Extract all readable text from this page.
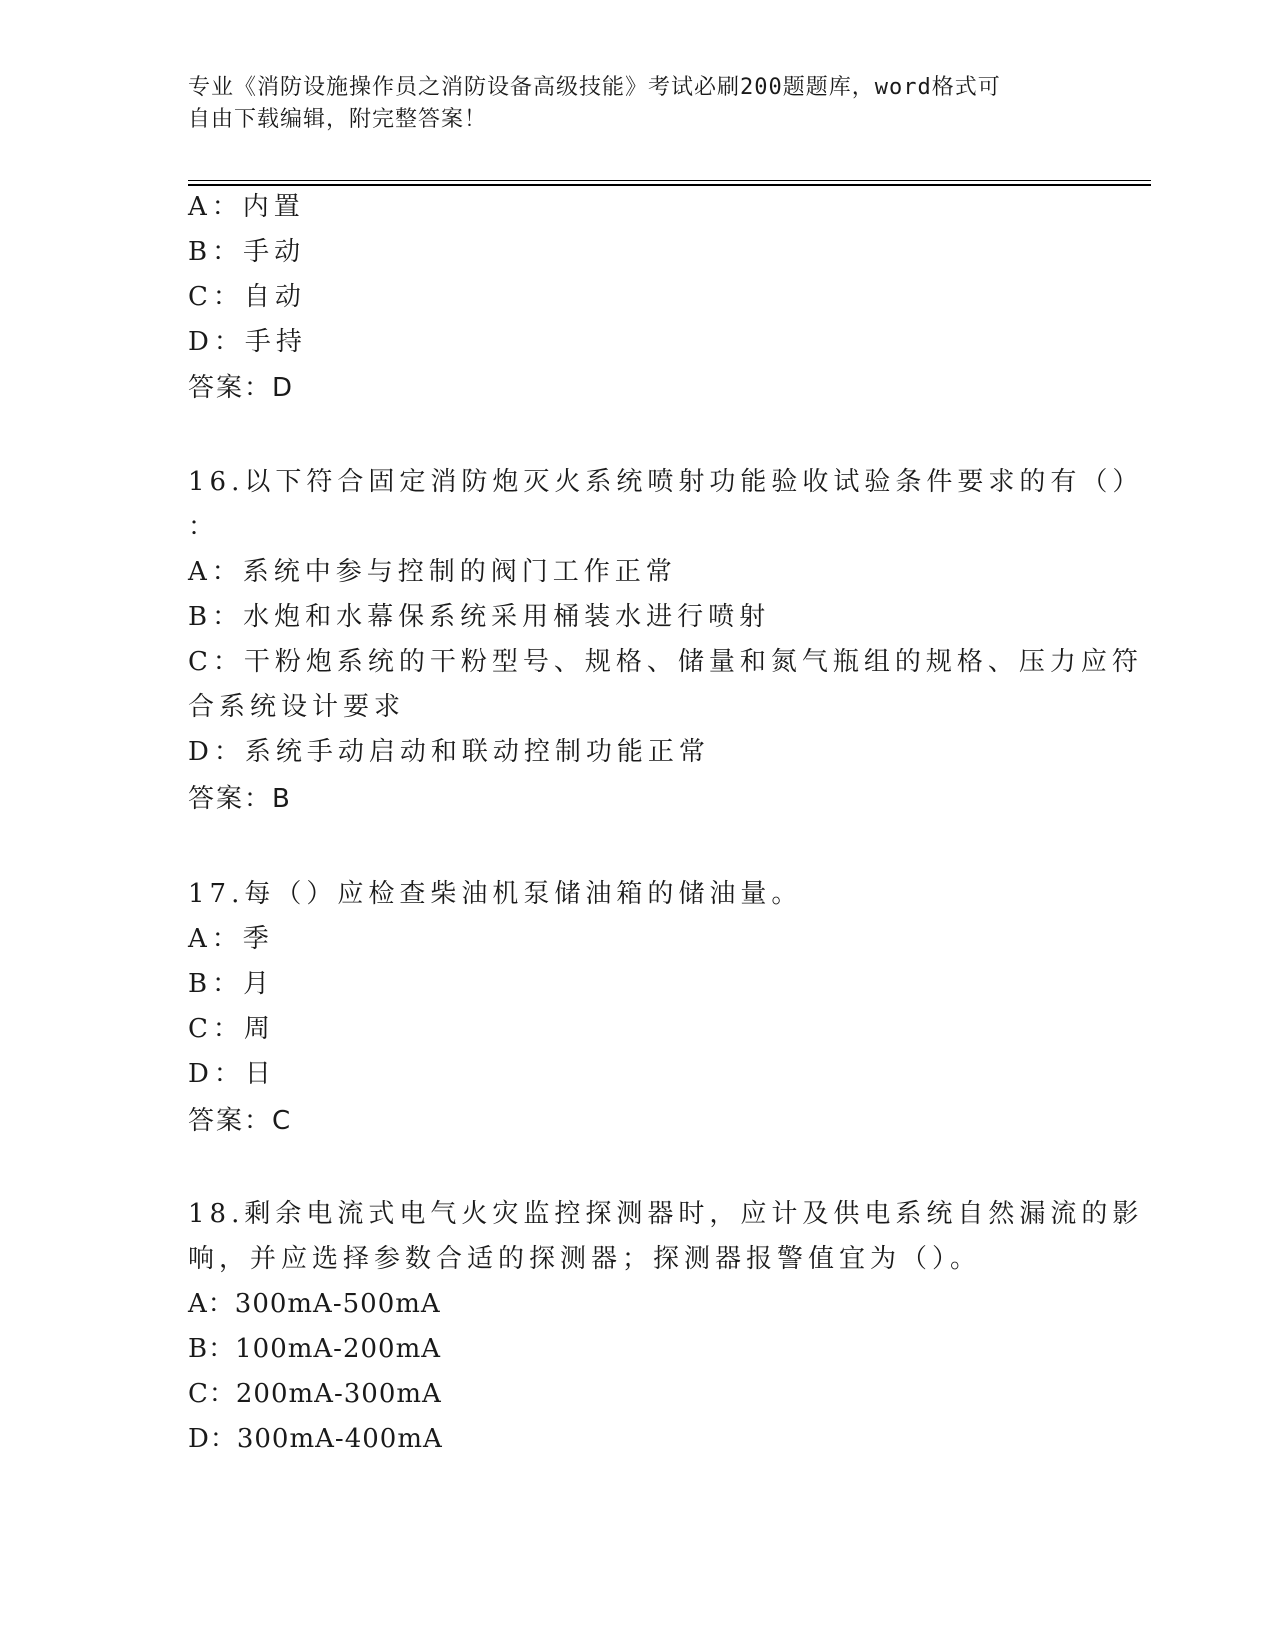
专业《消防设施操作员之消防设备高级技能》考试必刷200题题库，word格式可
自由下载编辑，附完整答案！
A：内置
B：手动
C：自动
D：手持
答案：D
16.以下符合固定消防炮灭火系统喷射功能验收试验条件要求的有（）
：
A：系统中参与控制的阀门工作正常
B：水炮和水幕保系统采用桶装水进行喷射
C：干粉炮系统的干粉型号、规格、储量和氮气瓶组的规格、压力应符
合系统设计要求
D：系统手动启动和联动控制功能正常
答案：B
17.每（）应检查柴油机泵储油箱的储油量。
A：季
B：月
C：周
D：日
答案：C
18.剩余电流式电气火灾监控探测器时，应计及供电系统自然漏流的影
响，并应选择参数合适的探测器；探测器报警值宜为（）。
A：300mA-500mA
B：100mA-200mA
C：200mA-300mA
D：300mA-400mA
